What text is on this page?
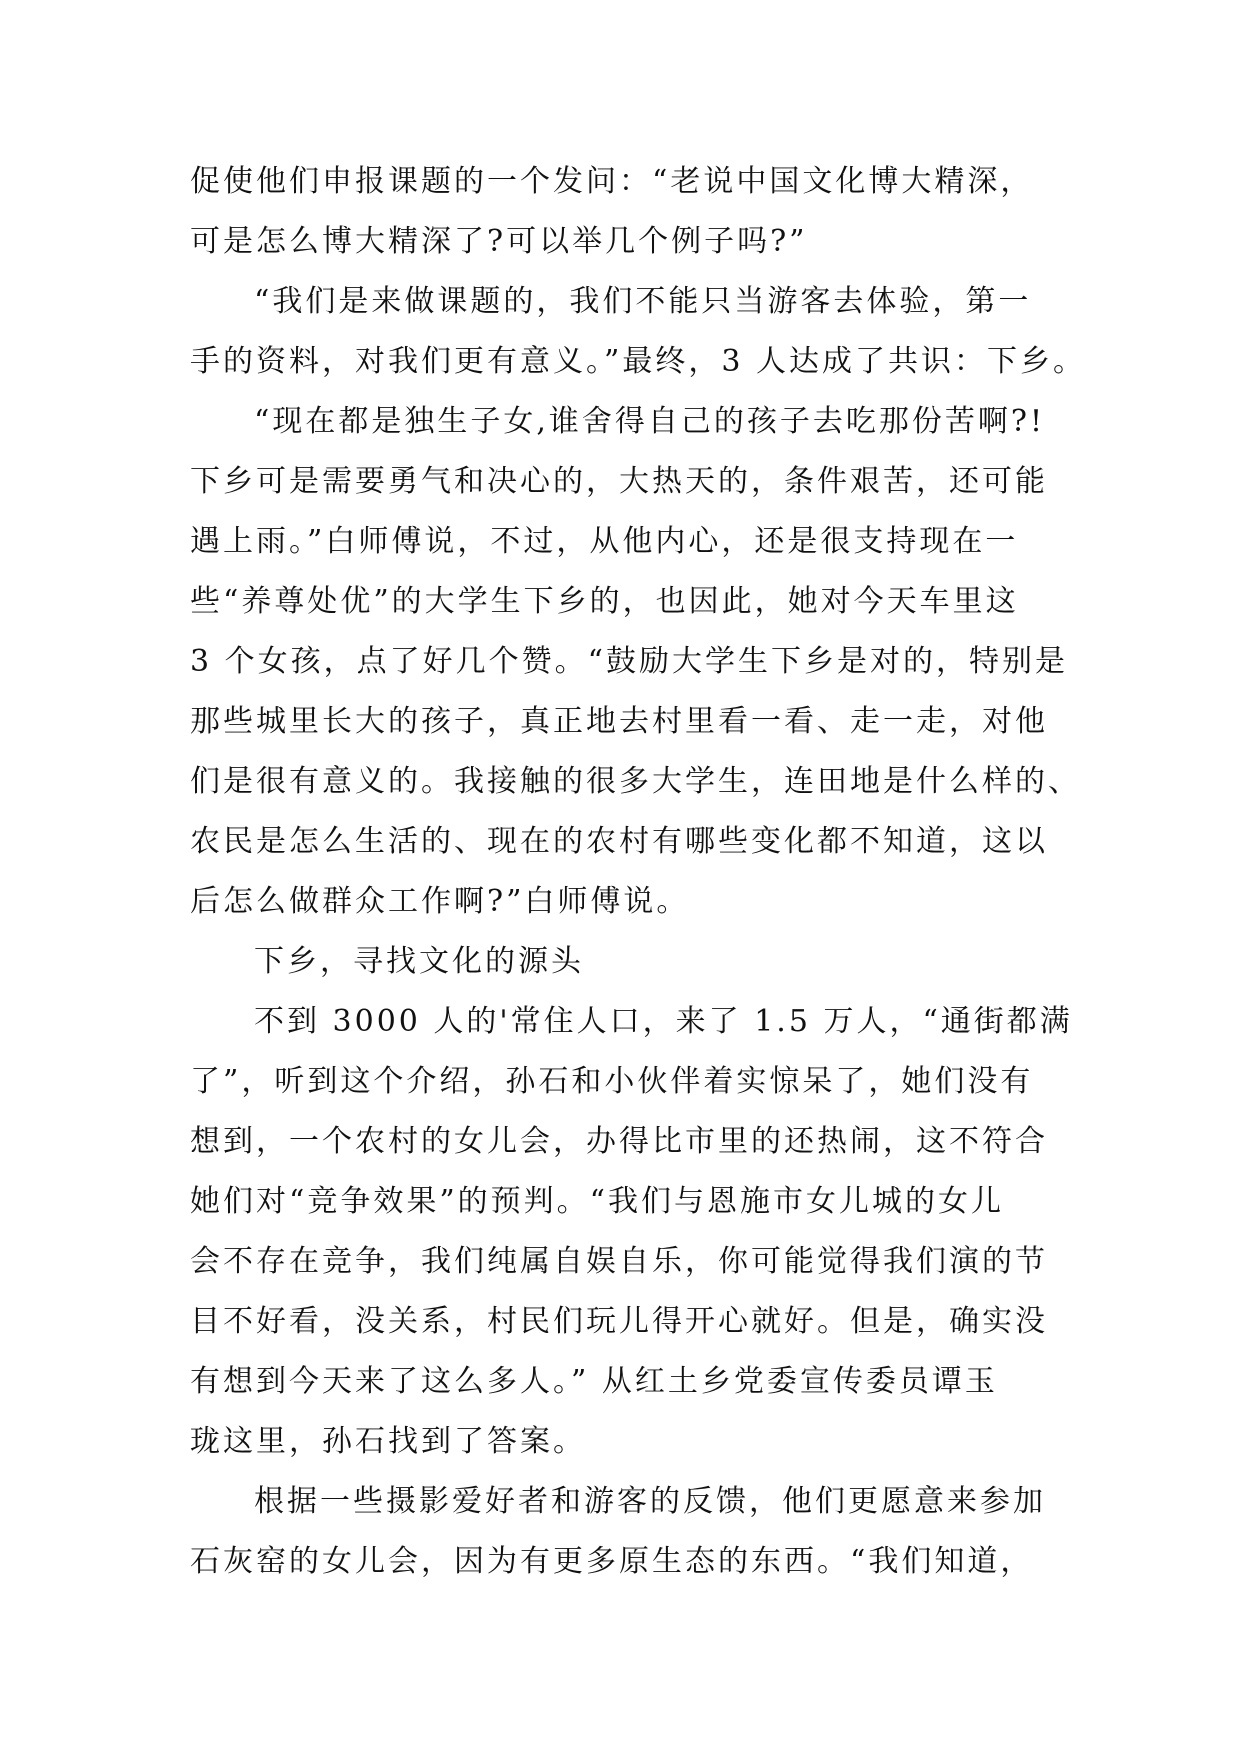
促使他们申报课题的一个发问：“老说中国文化博大精深，
可是怎么博大精深了?可以举几个例子吗?”
“我们是来做课题的，我们不能只当游客去体验，第一
手的资料，对我们更有意义。”最终，3 人达成了共识：下乡。
“现在都是独生子女,谁舍得自己的孩子去吃那份苦啊?!
下乡可是需要勇气和决心的，大热天的，条件艰苦，还可能
遇上雨。”白师傅说，不过，从他内心，还是很支持现在一
些“养尊处优”的大学生下乡的，也因此，她对今天车里这
3 个女孩，点了好几个赞。“鼓励大学生下乡是对的，特别是
那些城里长大的孩子，真正地去村里看一看、走一走，对他
们是很有意义的。我接触的很多大学生，连田地是什么样的、
农民是怎么生活的、现在的农村有哪些变化都不知道，这以
后怎么做群众工作啊?”白师傅说。
下乡，寻找文化的源头
不到 3000 人的'常住人口，来了 1.5 万人，“通街都满
了”，听到这个介绍，孙石和小伙伴着实惊呆了，她们没有
想到，一个农村的女儿会，办得比市里的还热闹，这不符合
她们对“竞争效果”的预判。“我们与恩施市女儿城的女儿
会不存在竞争，我们纯属自娱自乐，你可能觉得我们演的节
目不好看，没关系，村民们玩儿得开心就好。但是，确实没
有想到今天来了这么多人。” 从红土乡党委宣传委员谭玉
珑这里，孙石找到了答案。
根据一些摄影爱好者和游客的反馈，他们更愿意来参加
石灰窑的女儿会，因为有更多原生态的东西。“我们知道，
